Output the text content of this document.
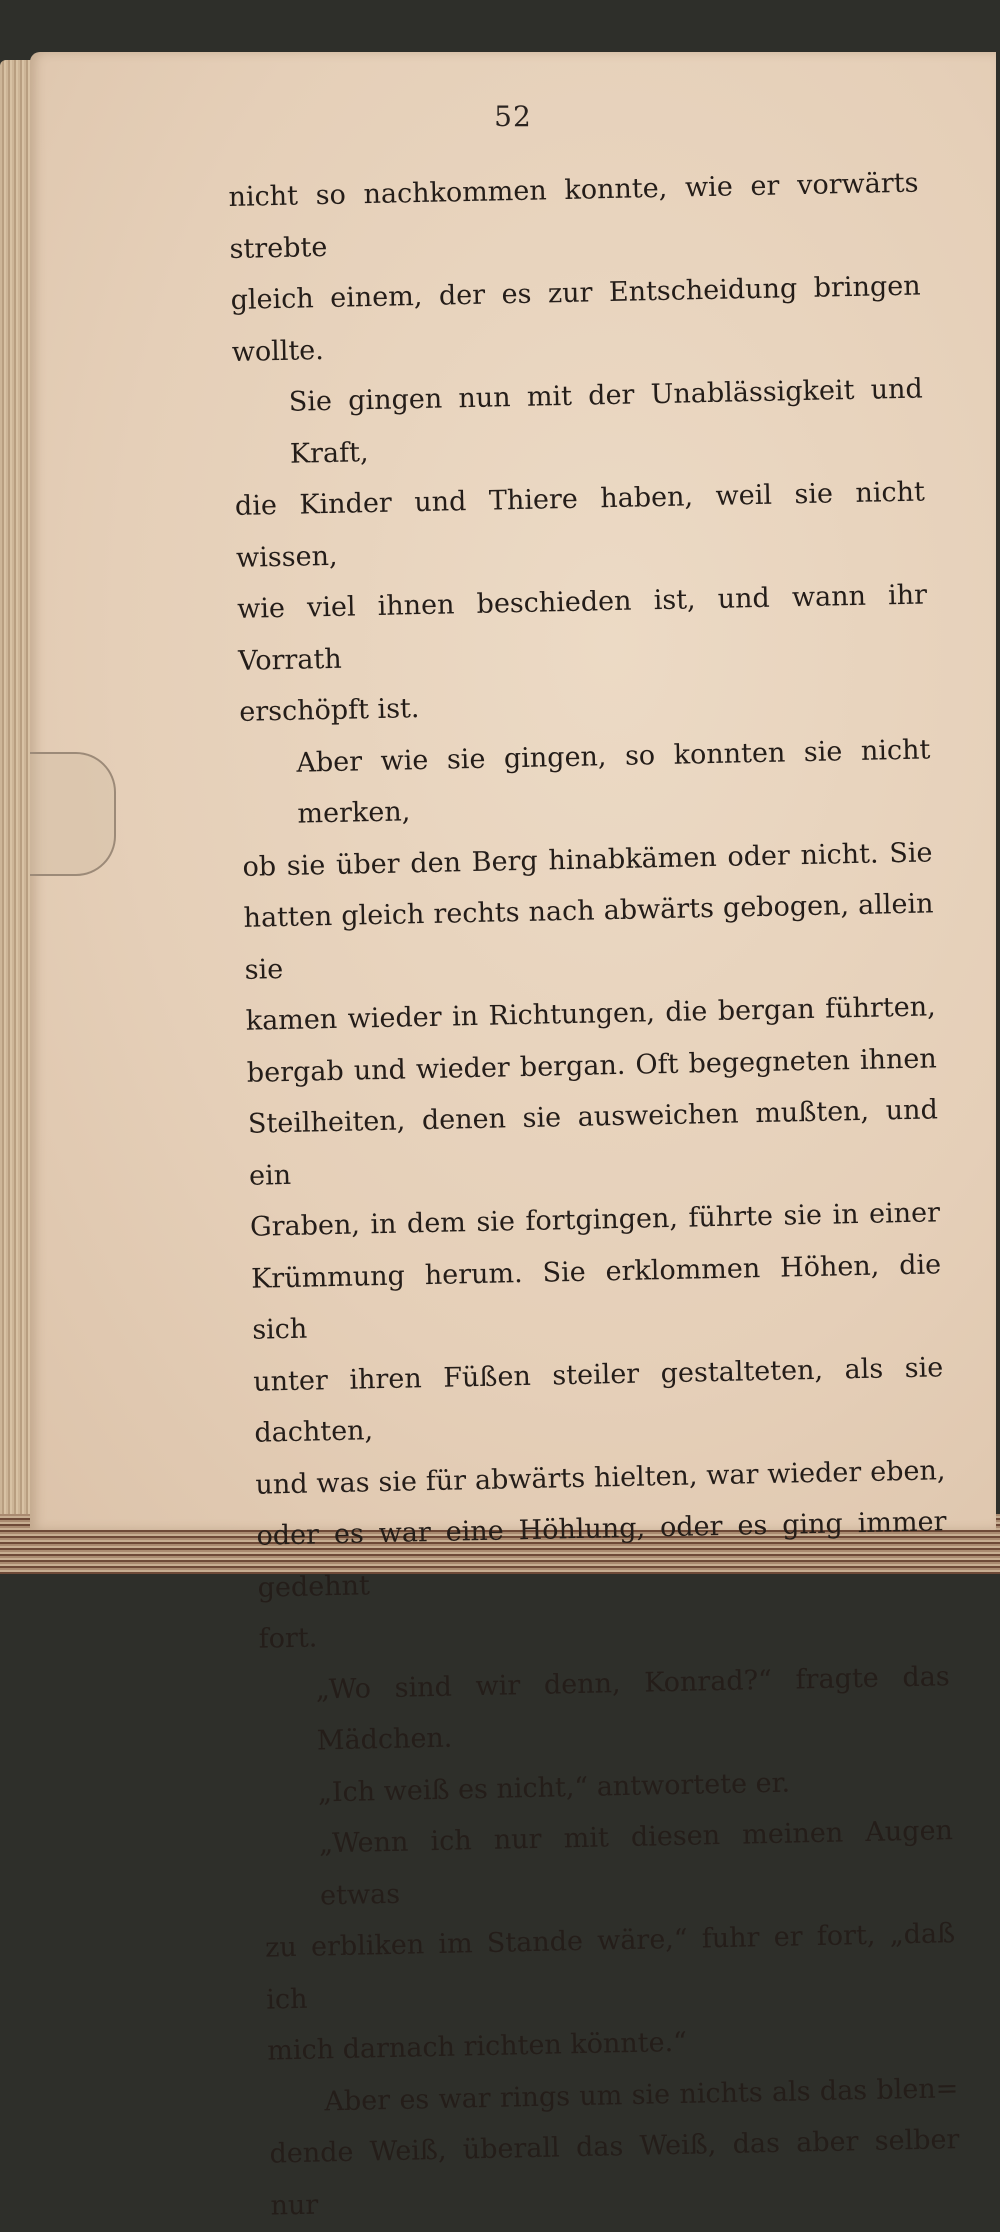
52
nicht so nachkommen konnte, wie er vorwärts strebte
gleich einem, der es zur Entscheidung bringen wollte.
Sie gingen nun mit der Unablässigkeit und Kraft,
die Kinder und Thiere haben, weil sie nicht wissen,
wie viel ihnen beschieden ist, und wann ihr Vorrath
erschöpft ist.
Aber wie sie gingen, so konnten sie nicht merken,
ob sie über den Berg hinabkämen oder nicht. Sie
hatten gleich rechts nach abwärts gebogen, allein sie
kamen wieder in Richtungen, die bergan führten,
bergab und wieder bergan. Oft begegneten ihnen
Steilheiten, denen sie ausweichen mußten, und ein
Graben, in dem sie fortgingen, führte sie in einer
Krümmung herum. Sie erklommen Höhen, die sich
unter ihren Füßen steiler gestalteten, als sie dachten,
und was sie für abwärts hielten, war wieder eben,
oder es war eine Höhlung, oder es ging immer gedehnt
fort.
„Wo sind wir denn, Konrad?“ fragte das Mädchen.
„Ich weiß es nicht,“ antwortete er.
„Wenn ich nur mit diesen meinen Augen etwas
zu erbliken im Stande wäre,“ fuhr er fort, „daß ich
mich darnach richten könnte.“
Aber es war rings um sie nichts als das blen=
dende Weiß, überall das Weiß, das aber selber nur
